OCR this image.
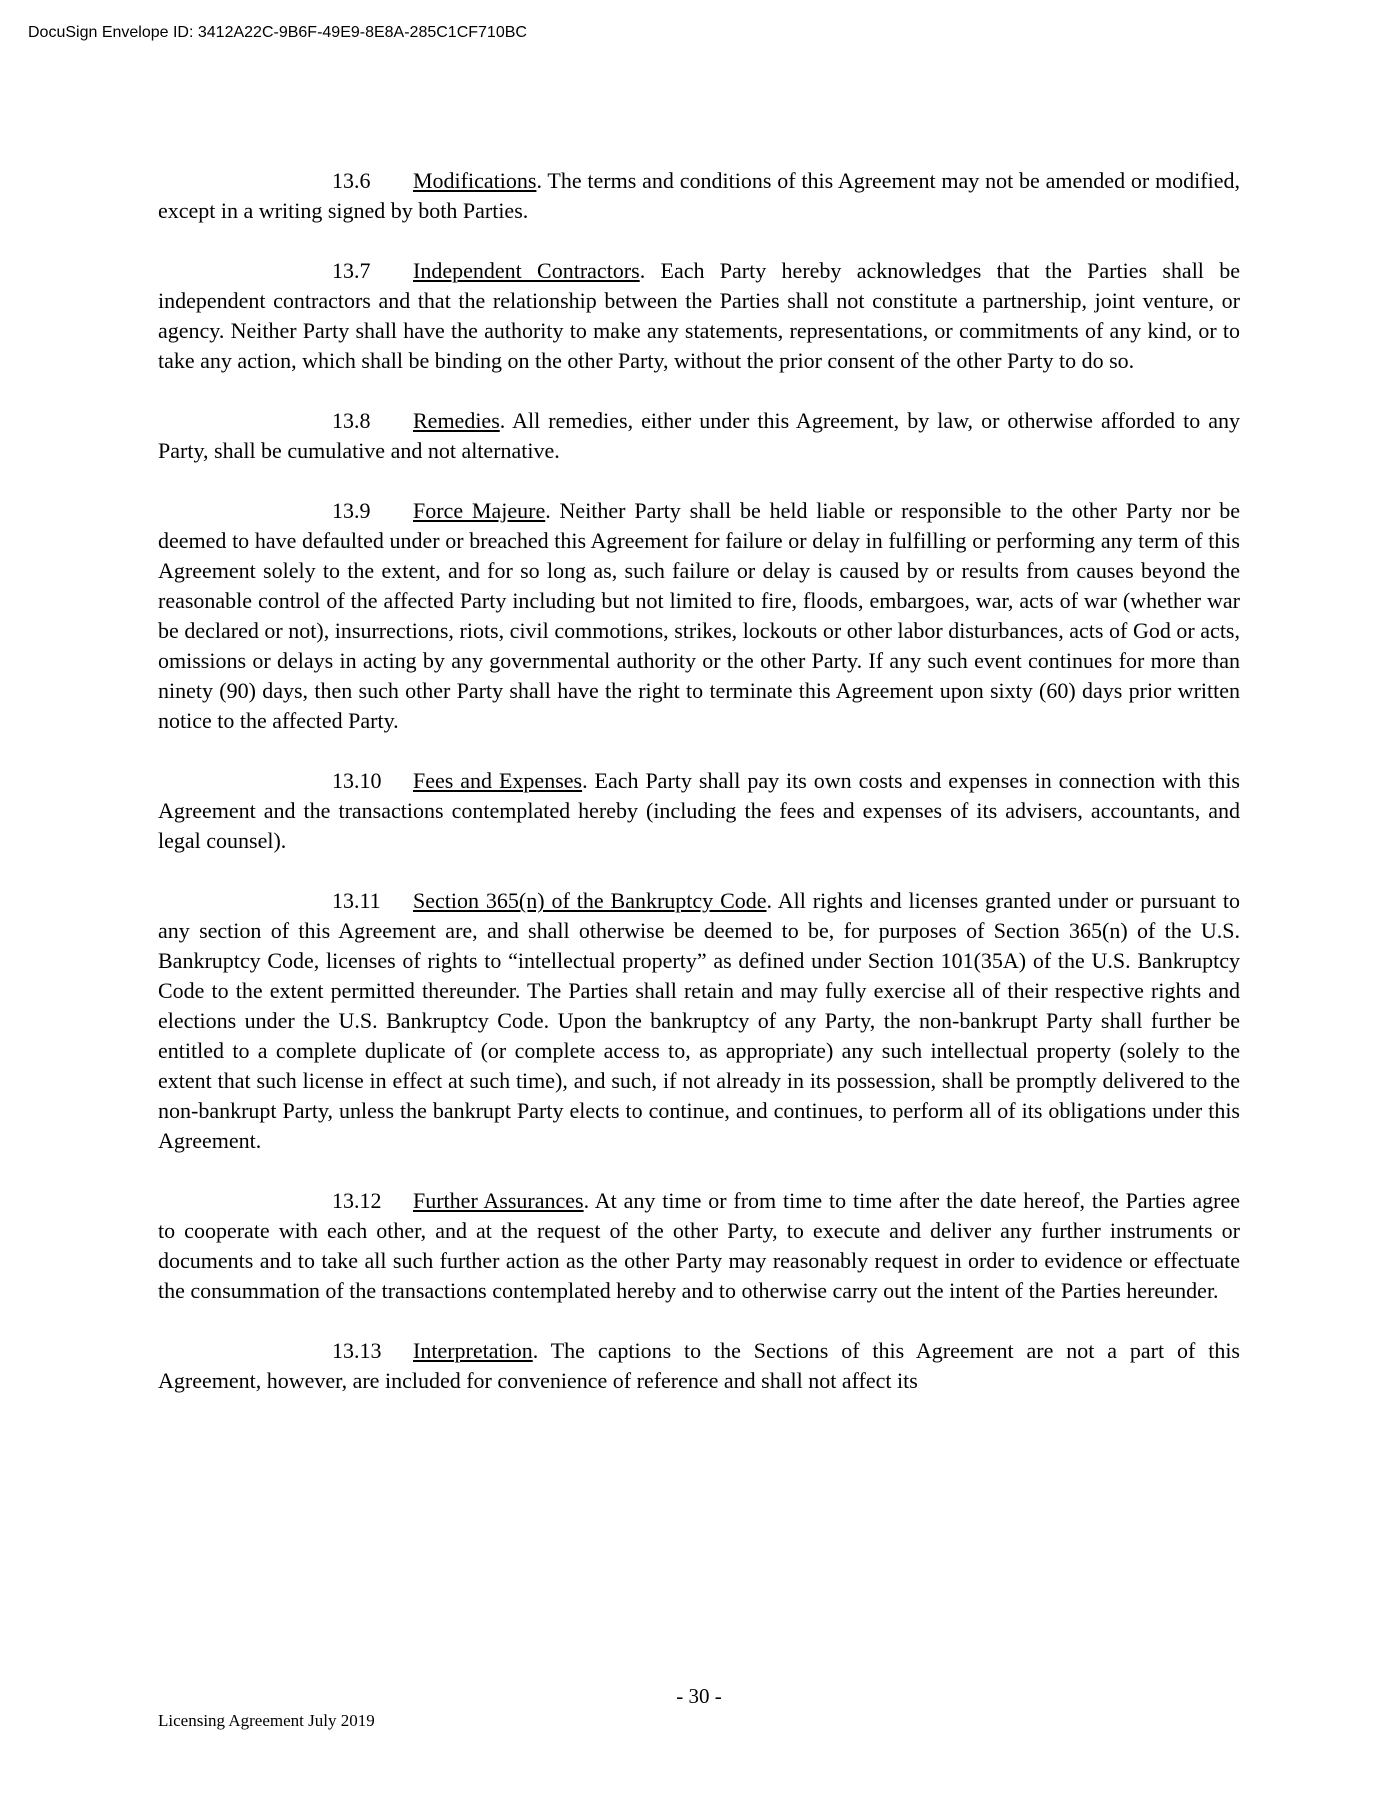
DocuSign Envelope ID: 3412A22C-9B6F-49E9-8E8A-285C1CF710BC

13.6 Modifications. The terms and conditions of this Agreement may not be amended or modified, except in a writing signed by both Parties.

13.7 Independent Contractors. Each Party hereby acknowledges that the Parties shall be independent contractors and that the relationship between the Parties shall not constitute a partnership, joint venture, or agency. Neither Party shall have the authority to make any statements, representations, or commitments of any kind, or to take any action, which shall be binding on the other Party, without the prior consent of the other Party to do so.

13.8 Remedies. All remedies, either under this Agreement, by law, or otherwise afforded to any Party, shall be cumulative and not alternative.

13.9 Force Majeure. Neither Party shall be held liable or responsible to the other Party nor be deemed to have defaulted under or breached this Agreement for failure or delay in fulfilling or performing any term of this Agreement solely to the extent, and for so long as, such failure or delay is caused by or results from causes beyond the reasonable control of the affected Party including but not limited to fire, floods, embargoes, war, acts of war (whether war be declared or not), insurrections, riots, civil commotions, strikes, lockouts or other labor disturbances, acts of God or acts, omissions or delays in acting by any governmental authority or the other Party. If any such event continues for more than ninety (90) days, then such other Party shall have the right to terminate this Agreement upon sixty (60) days prior written notice to the affected Party.

13.10 Fees and Expenses. Each Party shall pay its own costs and expenses in connection with this Agreement and the transactions contemplated hereby (including the fees and expenses of its advisers, accountants, and legal counsel).

13.11 Section 365(n) of the Bankruptcy Code. All rights and licenses granted under or pursuant to any section of this Agreement are, and shall otherwise be deemed to be, for purposes of Section 365(n) of the U.S. Bankruptcy Code, licenses of rights to “intellectual property” as defined under Section 101(35A) of the U.S. Bankruptcy Code to the extent permitted thereunder. The Parties shall retain and may fully exercise all of their respective rights and elections under the U.S. Bankruptcy Code. Upon the bankruptcy of any Party, the non-bankrupt Party shall further be entitled to a complete duplicate of (or complete access to, as appropriate) any such intellectual property (solely to the extent that such license in effect at such time), and such, if not already in its possession, shall be promptly delivered to the non-bankrupt Party, unless the bankrupt Party elects to continue, and continues, to perform all of its obligations under this Agreement.

13.12 Further Assurances. At any time or from time to time after the date hereof, the Parties agree to cooperate with each other, and at the request of the other Party, to execute and deliver any further instruments or documents and to take all such further action as the other Party may reasonably request in order to evidence or effectuate the consummation of the transactions contemplated hereby and to otherwise carry out the intent of the Parties hereunder.

13.13 Interpretation. The captions to the Sections of this Agreement are not a part of this Agreement, however, are included for convenience of reference and shall not affect its

- 30 -
Licensing Agreement July 2019
